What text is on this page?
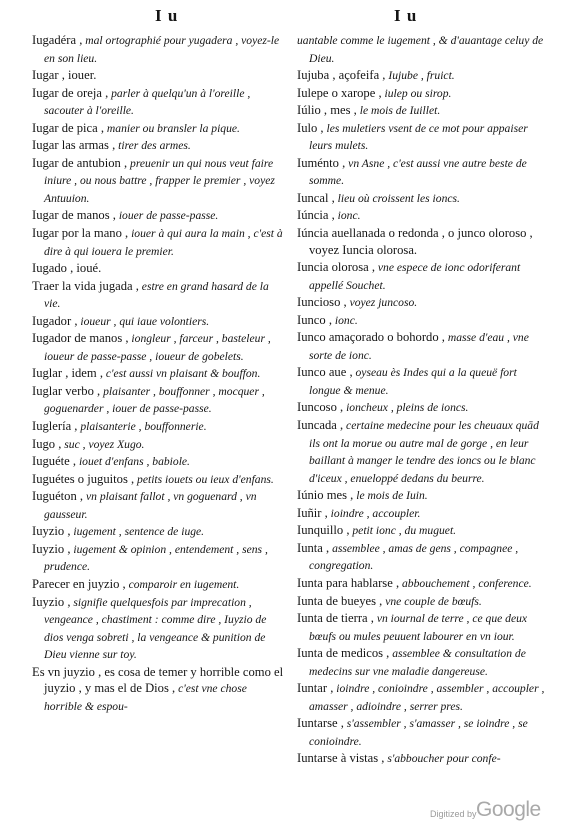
I u	I u

Iugadéra , mal ortographié pour yugadera , voyez-le en son lieu.

Iugar , iouer.

Iugar de oreja , parler à quelqu'un à l'oreille , sacouter à l'oreille.

Iugar de pica , manier ou bransler la pique.

Iugar las armas , tirer des armes.

Iugar de antubion , preuenir un qui nous veut faire iniure , ou nous battre , frapper le premier , voyez Antuuion.

Iugar de manos , iouer de passe-passe.

Iugar por la mano , iouer à qui aura la main , c'est à dire à qui iouera le premier.

Iugado , ioué.

Traer la vida jugada , estre en grand hasard de la vie.

Iugador , ioueur , qui iaue volontiers.

Iugador de manos , iongleur , farceur , basteleur , ioueur de passe-passe , ioueur de gobelets.

Iuglar , idem , c'est aussi vn plaisant & bouffon.

Iuglar verbo , plaisanter , bouffonner , mocquer , goguenarder , iouer de passe-passe.

Iuglería , plaisanterie , bouffonnerie.

Iugo , suc , voyez Xugo.

Iuguéte , iouet d'enfans , babiole.

Iuguétes o juguitos , petits iouets ou ieux d'enfans.

Iuguéton , vn plaisant fallot , vn goguenard , vn gausseur.

Iuyzio , iugement , sentence de iuge.

Iuyzio , iugement & opinion , entendement , sens , prudence.

Parecer en juyzio , comparoir en iugement.

Iuyzio , signifie quelquesfois par imprecation , vengeance , chastiment : comme dire , Iuyzio de dios venga sobreti , la vengeance & punition de Dieu vienne sur toy.

Es vn juyzio , es cosa de temer y horrible como el juyzio , y mas el de Dios , c'est vne chose horrible & espou-

uantable comme le iugement , & d'auantage celuy de Dieu.

Iujuba , açofeifa , Iujube , fruict.

Iulepe o xarope , iulep ou sirop.

Iúlio , mes , le mois de Iuillet.

Iulo , les muletiers vsent de ce mot pour appaiser leurs mulets.

Iuménto , vn Asne , c'est aussi vne autre beste de somme.

Iuncal , lieu où croissent les ioncs.

Iúncia , ionc.

Iúncia auellanada o redonda , o junco oloroso , voyez Iuncia olorosa.

Iuncia olorosa , vne espece de ionc odoriferant appellé Souchet.

Iuncioso , voyez juncoso.

Iunco , ionc.

Iunco amaçorado o bohordo , masse d'eau , vne sorte de ionc.

Iunco aue , oyseau ès Indes qui a la queuë fort longue & menue.

Iuncoso , ioncheux , pleins de ioncs.

Iuncada , certaine medecine pour les cheuaux quād ils ont la morue ou autre mal de gorge , en leur baillant à manger le tendre des ioncs ou le blanc d'iceux , enueloppé dedans du beurre.

Iúnio mes , le mois de Iuin.

Iuñir , ioindre , accoupler.

Iunquillo , petit ionc , du muguet.

Iunta , assemblee , amas de gens , compagnee , congregation.

Iunta para hablarse , abbouchement , conference.

Iunta de bueyes , vne couple de bœufs.

Iunta de tierra , vn iournal de terre , ce que deux bœufs ou mules peuuent labourer en vn iour.

Iunta de medicos , assemblee & consultation de medecins sur vne maladie dangereuse.

Iuntar , ioindre , conioindre , assembler , accoupler , amasser , adioindre , serrer pres.

Iuntarse , s'assembler , s'amasser , se ioindre , se conioindre.

Iuntarse à vistas , s'abboucher pour confe-

Digitized by Google
